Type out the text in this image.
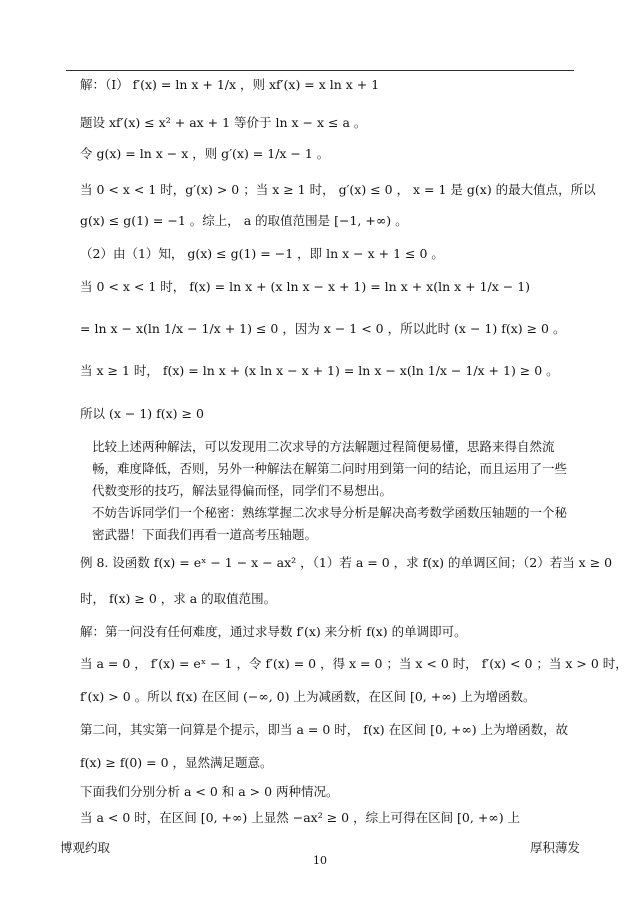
解：（Ⅰ） f′(x) = ln x + 1/x ，则 xf′(x) = x ln x + 1
题设 xf′(x) ≤ x² + ax + 1 等价于 ln x − x ≤ a 。
令 g(x) = ln x − x ，则 g′(x) = 1/x − 1 。
当 0 < x < 1 时，g′(x) > 0 ；当 x ≥ 1 时， g′(x) ≤ 0 ， x = 1 是 g(x) 的最大值点，所以
g(x) ≤ g(1) = −1 。综上， a 的取值范围是 [−1, +∞) 。
（2）由（1）知， g(x) ≤ g(1) = −1 ，即 ln x − x + 1 ≤ 0 。
当 0 < x < 1 时， f(x) = ln x + (x ln x − x + 1) = ln x + x(ln x + 1/x − 1)
= ln x − x(ln 1/x − 1/x + 1) ≤ 0 ，因为 x − 1 < 0 ，所以此时 (x − 1) f(x) ≥ 0 。
当 x ≥ 1 时， f(x) = ln x + (x ln x − x + 1) = ln x − x(ln 1/x − 1/x + 1) ≥ 0 。
所以 (x − 1) f(x) ≥ 0
比较上述两种解法，可以发现用二次求导的方法解题过程简便易懂，思路来得自然流畅，难度降低，否则，另外一种解法在解第二问时用到第一问的结论，而且运用了一些代数变形的技巧，解法显得偏而怪，同学们不易想出。
不妨告诉同学们一个秘密：熟练掌握二次求导分析是解决高考数学函数压轴题的一个秘密武器！下面我们再看一道高考压轴题。
例 8. 设函数 f(x) = eˣ − 1 − x − ax² ，（1）若 a = 0 ，求 f(x) 的单调区间；（2）若当 x ≥ 0
时， f(x) ≥ 0 ，求 a 的取值范围。
解：第一问没有任何难度，通过求导数 f′(x) 来分析 f(x) 的单调即可。
当 a = 0 ， f′(x) = eˣ − 1 ，令 f′(x) = 0 ，得 x = 0 ；当 x < 0 时， f′(x) < 0 ；当 x > 0 时，
f′(x) > 0 。所以 f(x) 在区间 (−∞, 0) 上为减函数，在区间 [0, +∞) 上为增函数。
第二问，其实第一问算是个提示，即当 a = 0 时， f(x) 在区间 [0, +∞) 上为增函数，故
f(x) ≥ f(0) = 0 ，显然满足题意。
下面我们分别分析 a < 0 和 a > 0 两种情况。
当 a < 0 时，在区间 [0, +∞) 上显然 −ax² ≥ 0 ，综上可得在区间 [0, +∞) 上
博观约取
10
厚积薄发
